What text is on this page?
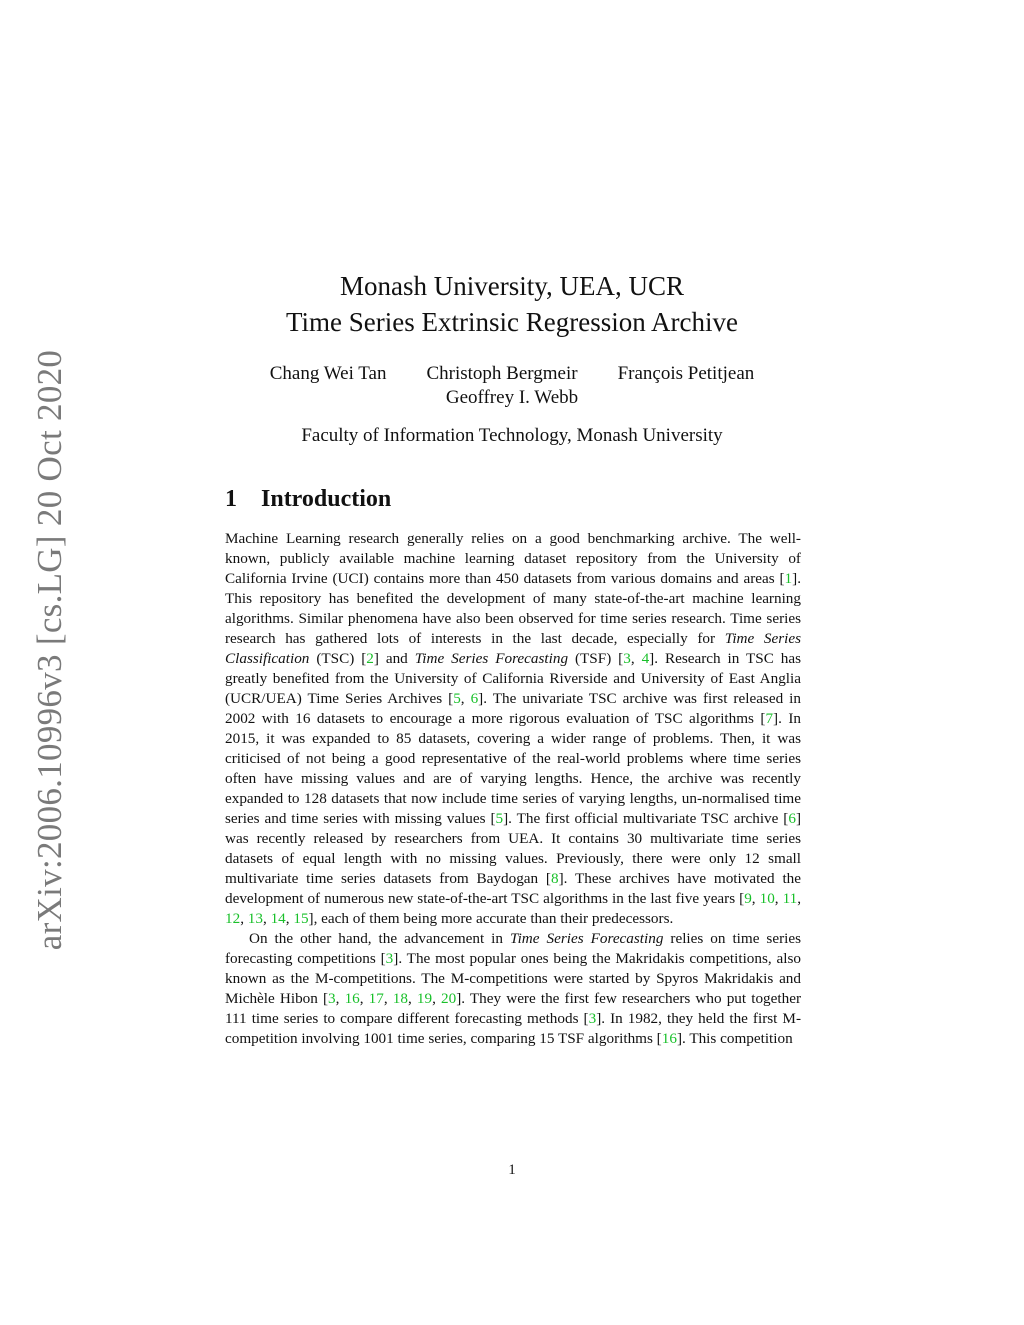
arXiv:2006.10996v3 [cs.LG] 20 Oct 2020
Monash University, UEA, UCR
Time Series Extrinsic Regression Archive
Chang Wei Tan Christoph Bergmeir François Petitjean
Geoffrey I. Webb
Faculty of Information Technology, Monash University
1 Introduction

Machine Learning research generally relies on a good benchmarking archive. The well-known, publicly available machine learning dataset repository from the University of California Irvine (UCI) contains more than 450 datasets from various domains and areas [1]. This repository has benefited the development of many state-of-the-art machine learning algorithms. Similar phenomena have also been observed for time series research. Time series research has gathered lots of interests in the last decade, especially for Time Series Classification (TSC) [2] and Time Series Forecasting (TSF) [3, 4]. Research in TSC has greatly benefited from the University of California Riverside and University of East Anglia (UCR/UEA) Time Series Archives [5, 6]. The univariate TSC archive was first released in 2002 with 16 datasets to encourage a more rigorous evaluation of TSC algorithms [7]. In 2015, it was expanded to 85 datasets, covering a wider range of problems. Then, it was criticised of not being a good representative of the real-world problems where time series often have missing values and are of varying lengths. Hence, the archive was recently expanded to 128 datasets that now include time series of varying lengths, un-normalised time series and time series with missing values [5]. The first official multivariate TSC archive [6] was recently released by researchers from UEA. It contains 30 multivariate time series datasets of equal length with no missing values. Previously, there were only 12 small multivariate time series datasets from Baydogan [8]. These archives have motivated the development of numerous new state-of-the-art TSC algorithms in the last five years [9, 10, 11, 12, 13, 14, 15], each of them being more accurate than their predecessors.

On the other hand, the advancement in Time Series Forecasting relies on time series forecasting competitions [3]. The most popular ones being the Makridakis competitions, also known as the M-competitions. The M-competitions were started by Spyros Makridakis and Michèle Hibon [3, 16, 17, 18, 19, 20]. They were the first few researchers who put together 111 time series to compare different forecasting methods [3]. In 1982, they held the first M-competition involving 1001 time series, comparing 15 TSF algorithms [16]. This competition

1
